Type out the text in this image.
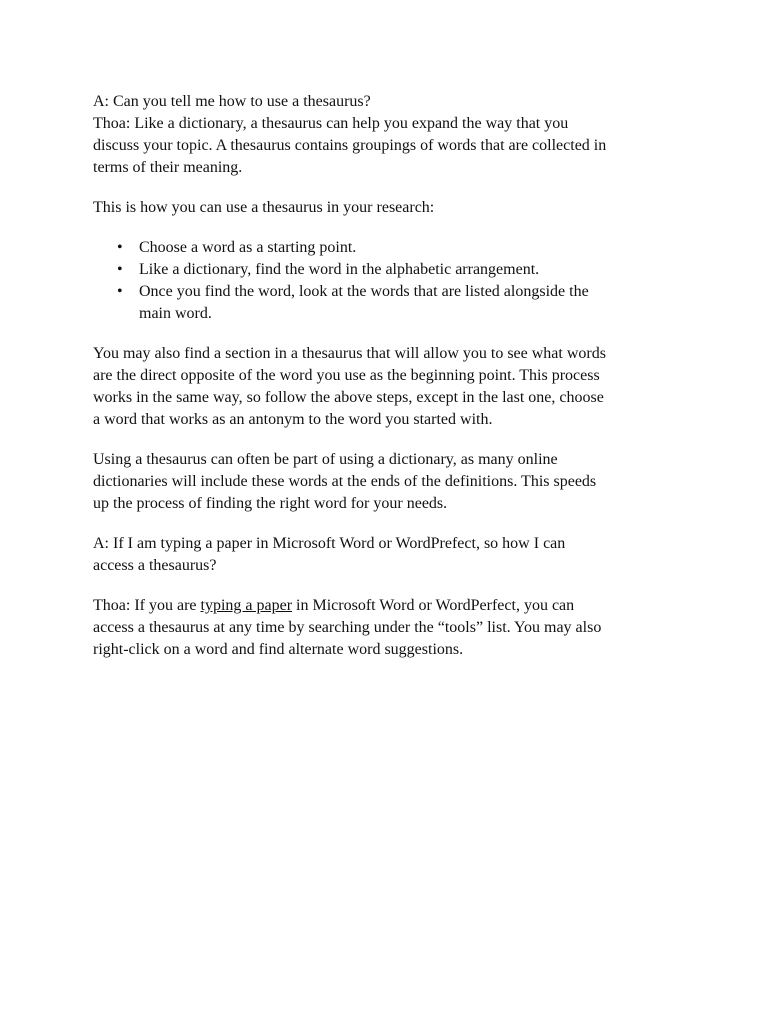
A: Can you tell me how to use a thesaurus?
Thoa: Like a dictionary, a thesaurus can help you expand the way that you
discuss your topic. A thesaurus contains groupings of words that are collected in
terms of their meaning.

This is how you can use a thesaurus in your research:

• Choose a word as a starting point.
• Like a dictionary, find the word in the alphabetic arrangement.
• Once you find the word, look at the words that are listed alongside the
main word.

You may also find a section in a thesaurus that will allow you to see what words
are the direct opposite of the word you use as the beginning point. This process
works in the same way, so follow the above steps, except in the last one, choose
a word that works as an antonym to the word you started with.

Using a thesaurus can often be part of using a dictionary, as many online
dictionaries will include these words at the ends of the definitions. This speeds
up the process of finding the right word for your needs.

A: If I am typing a paper in Microsoft Word or WordPrefect, so how I can
access a thesaurus?

Thoa: If you are typing a paper in Microsoft Word or WordPerfect, you can
access a thesaurus at any time by searching under the “tools” list. You may also
right-click on a word and find alternate word suggestions.
